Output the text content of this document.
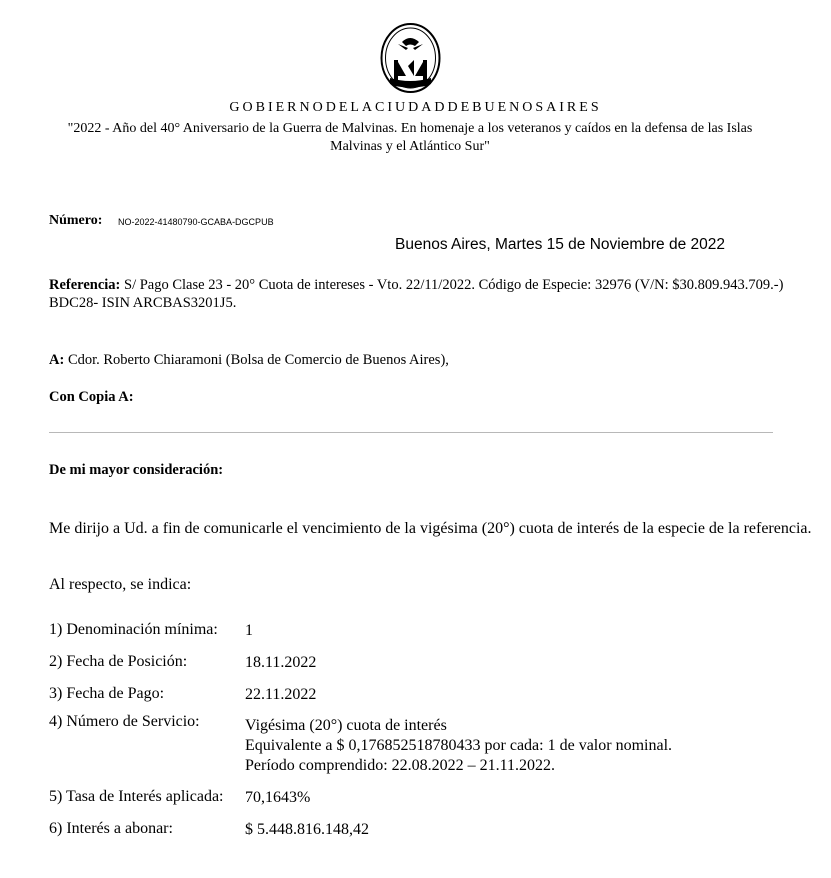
GOBIERNODELACIUDADDEBUENOSAIRES
"2022 - Año del 40° Aniversario de la Guerra de Malvinas. En homenaje a los veteranos y caídos en la defensa de las Islas Malvinas y el Atlántico Sur"
Número: NO-2022-41480790-GCABA-DGCPUB
Buenos Aires, Martes 15 de Noviembre de 2022
Referencia: S/ Pago Clase 23 - 20° Cuota de intereses - Vto. 22/11/2022. Código de Especie: 32976 (V/N: $30.809.943.709.-) BDC28- ISIN ARCBAS3201J5.
A: Cdor. Roberto Chiaramoni (Bolsa de Comercio de Buenos Aires),
Con Copia A:
De mi mayor consideración:
Me dirijo a Ud. a fin de comunicarle el vencimiento de la vigésima (20°) cuota de interés de la especie de la referencia.
Al respecto, se indica:
1) Denominación mínima: 1
2) Fecha de Posición:	18.11.2022
3) Fecha de Pago:	22.11.2022
4) Número de Servicio:	Vigésima (20°) cuota de interés
Equivalente a $ 0,176852518780433 por cada: 1 de valor nominal.
Período comprendido: 22.08.2022 – 21.11.2022.
5) Tasa de Interés aplicada: 70,1643%
6) Interés a abonar:	$ 5.448.816.148,42
